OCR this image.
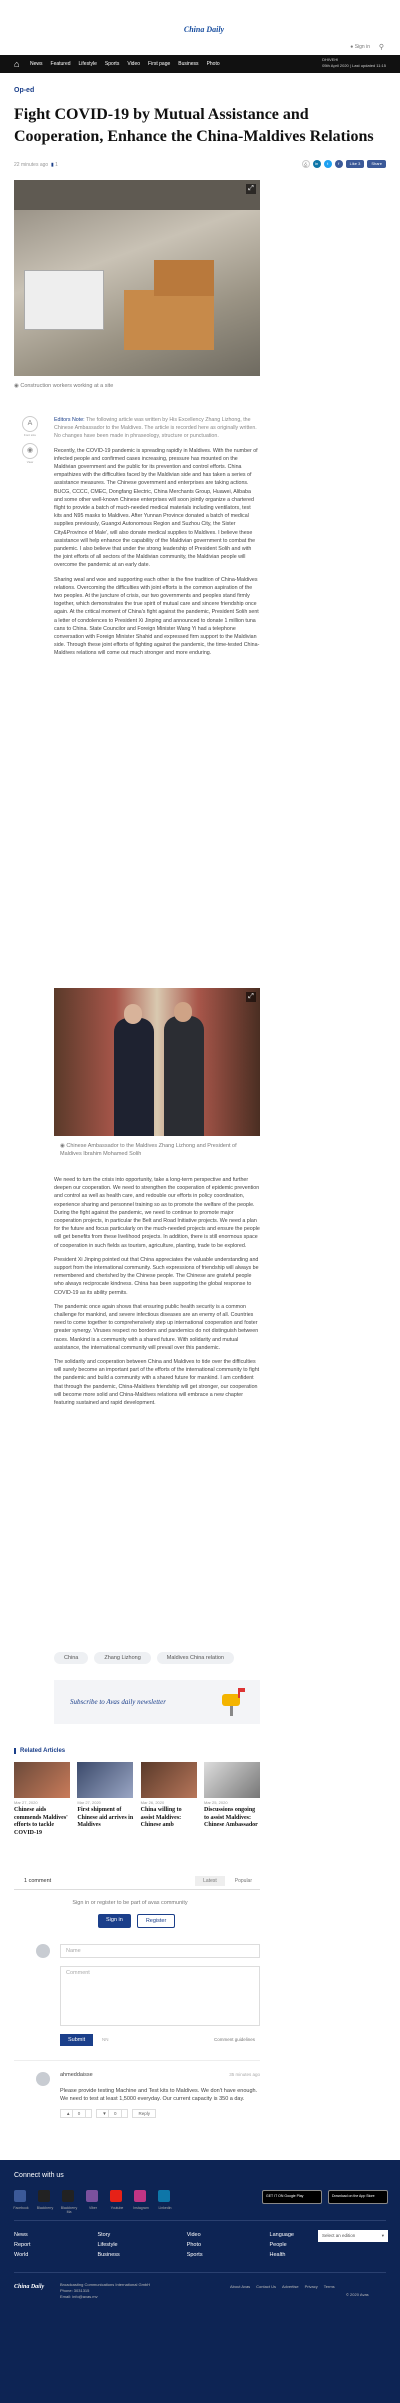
China Daily
● Sign in ⚲
⌂	News Featured Lifestyle Sports Video First page Business Photo
DHIVEHI
05th April 2020 | Last updated 11:15
Op-ed
Fight COVID-19 by Mutual Assistance and Cooperation, Enhance the China-Maldives Relations
22 minutes ago ▮ 1	⎙	in	t	f	Like 3	Share
⤢
◉ Construction workers working at a site
A
Font size
◉
View

Editors Note: The following article was written by His Excellency Zhang Lizhong, the Chinese Ambassador to the Maldives. The article is recorded here as originally written. No changes have been made in phraseology, structure or punctuation.

Recently, the COVID-19 pandemic is spreading rapidly in Maldives. With the number of infected people and confirmed cases increasing, pressure has mounted on the Maldivian government and the public for its prevention and control efforts. China empathizes with the difficulties faced by the Maldivian side and has taken a series of assistance measures. The Chinese government and enterprises are taking actions. BUCG, CCCC, CMEC, Dongfang Electric, China Merchants Group, Huawei, Alibaba and some other well-known Chinese enterprises will soon jointly organize a chartered flight to provide a batch of much-needed medical materials including ventilators, test kits and N95 masks to Maldives. After Yunnan Province donated a batch of medical supplies previously, Guangxi Autonomous Region and Suzhou City, the Sister City&Province of Male', will also donate medical supplies to Maldives. I believe these assistance will help enhance the capability of the Maldivian government to combat the pandemic. I also believe that under the strong leadership of President Solih and with the joint efforts of all sectors of the Maldivian community, the Maldivian people will overcome the pandemic at an early date.

Sharing weal and woe and supporting each other is the fine tradition of China-Maldives relations. Overcoming the difficulties with joint efforts is the common aspiration of the two peoples. At the juncture of crisis, our two governments and peoples stand firmly together, which demonstrates the true spirit of mutual care and sincere friendship once again. At the critical moment of China's fight against the pandemic, President Solih sent a letter of condolences to President Xi Jinping and announced to donate 1 million tuna cans to China. State Councilor and Foreign Minister Wang Yi had a telephone conversation with Foreign Minister Shahid and expressed firm support to the Maldivian side. Through these joint efforts of fighting against the pandemic, the time-tested China-Maldives relations will come out much stronger and more enduring.

⤢
◉ Chinese Ambassador to the Maldives Zhang Lizhong and President of Maldives Ibrahim Mohamed Solih

We need to turn the crisis into opportunity, take a long-term perspective and further deepen our cooperation. We need to strengthen the cooperation of epidemic prevention and control as well as health care, and redouble our efforts in policy coordination, experience sharing and personnel training so as to promote the welfare of the people. During the fight against the pandemic, we need to continue to promote major cooperation projects, in particular the Belt and Road Initiative projects. We need a plan for the future and focus particularly on the much-needed projects and ensure the people will get benefits from these livelihood projects. In addition, there is still enormous space of cooperation in such fields as tourism, agriculture, planting, trade to be explored.

President Xi Jinping pointed out that China appreciates the valuable understanding and support from the international community. Such expressions of friendship will always be remembered and cherished by the Chinese people. The Chinese are grateful people who always reciprocate kindness. China has been supporting the global response to COVID-19 as its ability permits.

The pandemic once again shows that ensuring public health security is a common challenge for mankind, and severe infectious diseases are an enemy of all. Countries need to come together to comprehensively step up international cooperation and foster greater synergy. Viruses respect no borders and pandemics do not distinguish between races. Mankind is a community with a shared future. With solidarity and mutual assistance, the international community will prevail over this pandemic.

The solidarity and cooperation between China and Maldives to tide over the difficulties will surely become an important part of the efforts of the international community to fight the pandemic and build a community with a shared future for mankind. I am confident that through the pandemic, China-Maldives friendship will get stronger, our cooperation will become more solid and China-Maldives relations will embrace a new chapter featuring sustained and rapid development.

China	Zhang Lizhong	Maldives China relation
Subscribe to Avas daily newsletter
Related Articles
Mar 27, 2020
Chinese aids commends Maldives' efforts to tackle COVID-19
Mar 27, 2020
First shipment of Chinese aid arrives in Maldives
Mar 26, 2020
China willing to assist Maldives: Chinese amb
Mar 25, 2020
Discussions ongoing to assist Maldives: Chinese Ambassador
1 comment	Latest	Popular
Sign in or register to be part of avas community
Sign in	Register
Name
Comment
Submit	NN	Comment guidelines
ahmeddaisse	35 minutes ago
Please provide testing Machine and Test kits to Maldives. We don't have enough. We need to test at least 1,5000 everyday. Our current capacity is 350 a day.
▲ 0	▼ 0	Reply
Connect with us
Facebook	Blackberry	Blackberry Ma
Viber	Youtube	Instagram	Linkedin
GET IT ON Google Play	Download on the App Store
News
Report
World
Story
Lifestyle
Business
Video
Photo
Sports
Language
People
Health
Select an edition	▾
China Daily	Broadcasting Communications International GmbH
Phone: 3031315
Email: info@avas.mv
About Avas Contact Us Advertise Privacy Terms
© 2020 Avas
